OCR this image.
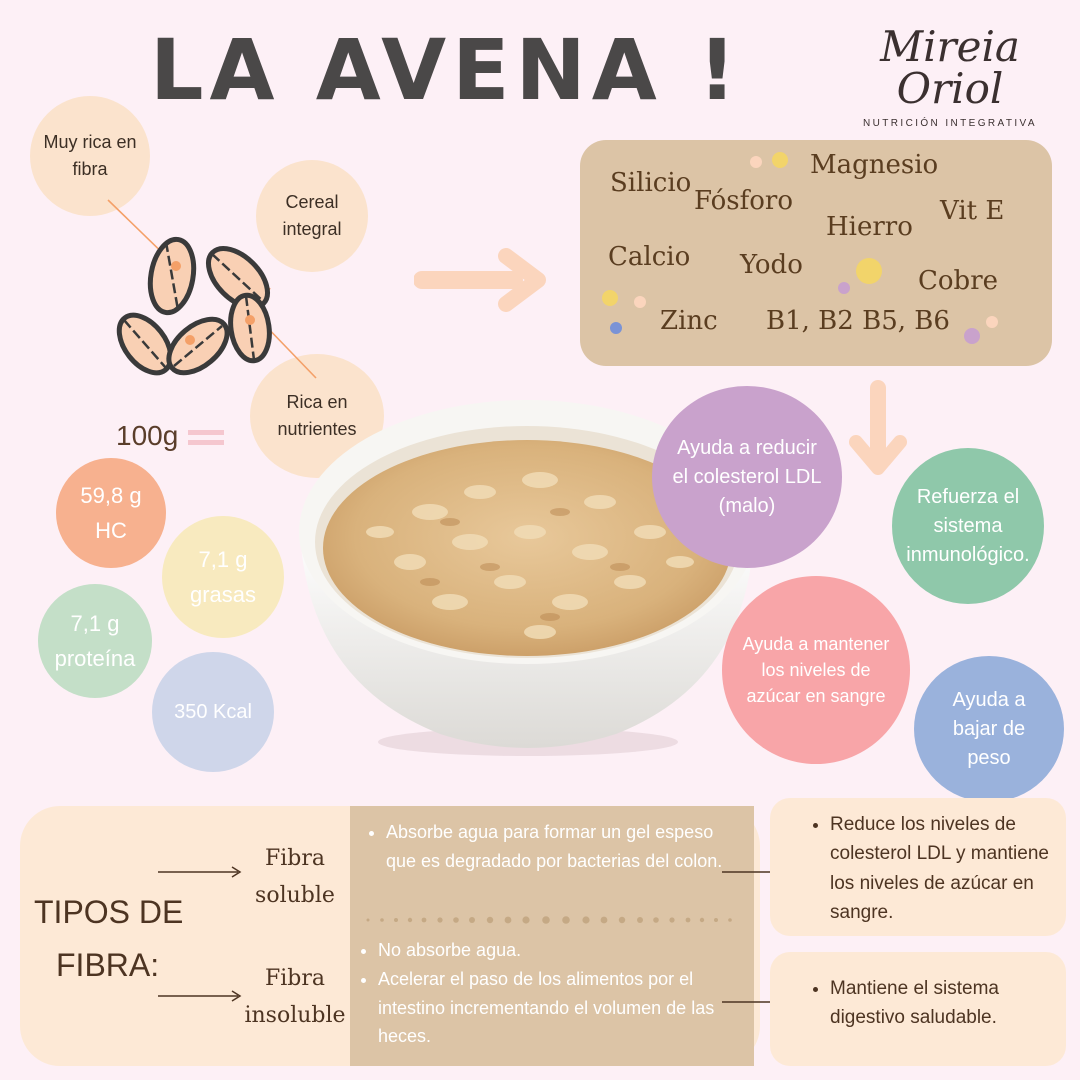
LA AVENA !	Mireia Oriol
NUTRICIÓN INTEGRATIVA
Muy rica en fibra
Cereal integral
Rica en nutrientes
Silicio
Fósforo
Magnesio
Hierro
Vit E
Calcio Yodo
Cobre
Zinc B1, B2 B5, B6
100g
59,8 g HC
7,1 g grasas
7,1 g proteína
350 Kcal
Ayuda a reducir el colesterol LDL (malo)	Refuerza el sistema inmunológico.
Ayuda a mantener los niveles de azúcar en sangre	Ayuda a bajar de peso
TIPOS DE
FIBRA:
Fibra soluble
Fibra insoluble
• Absorbe agua para formar un gel espeso que es degradado por bacterias del colon.
• No absorbe agua.
• Acelerar el paso de los alimentos por el intestino incrementando el volumen de las heces.
• Reduce los niveles de colesterol LDL y mantiene los niveles de azúcar en sangre.
• Mantiene el sistema digestivo saludable.
